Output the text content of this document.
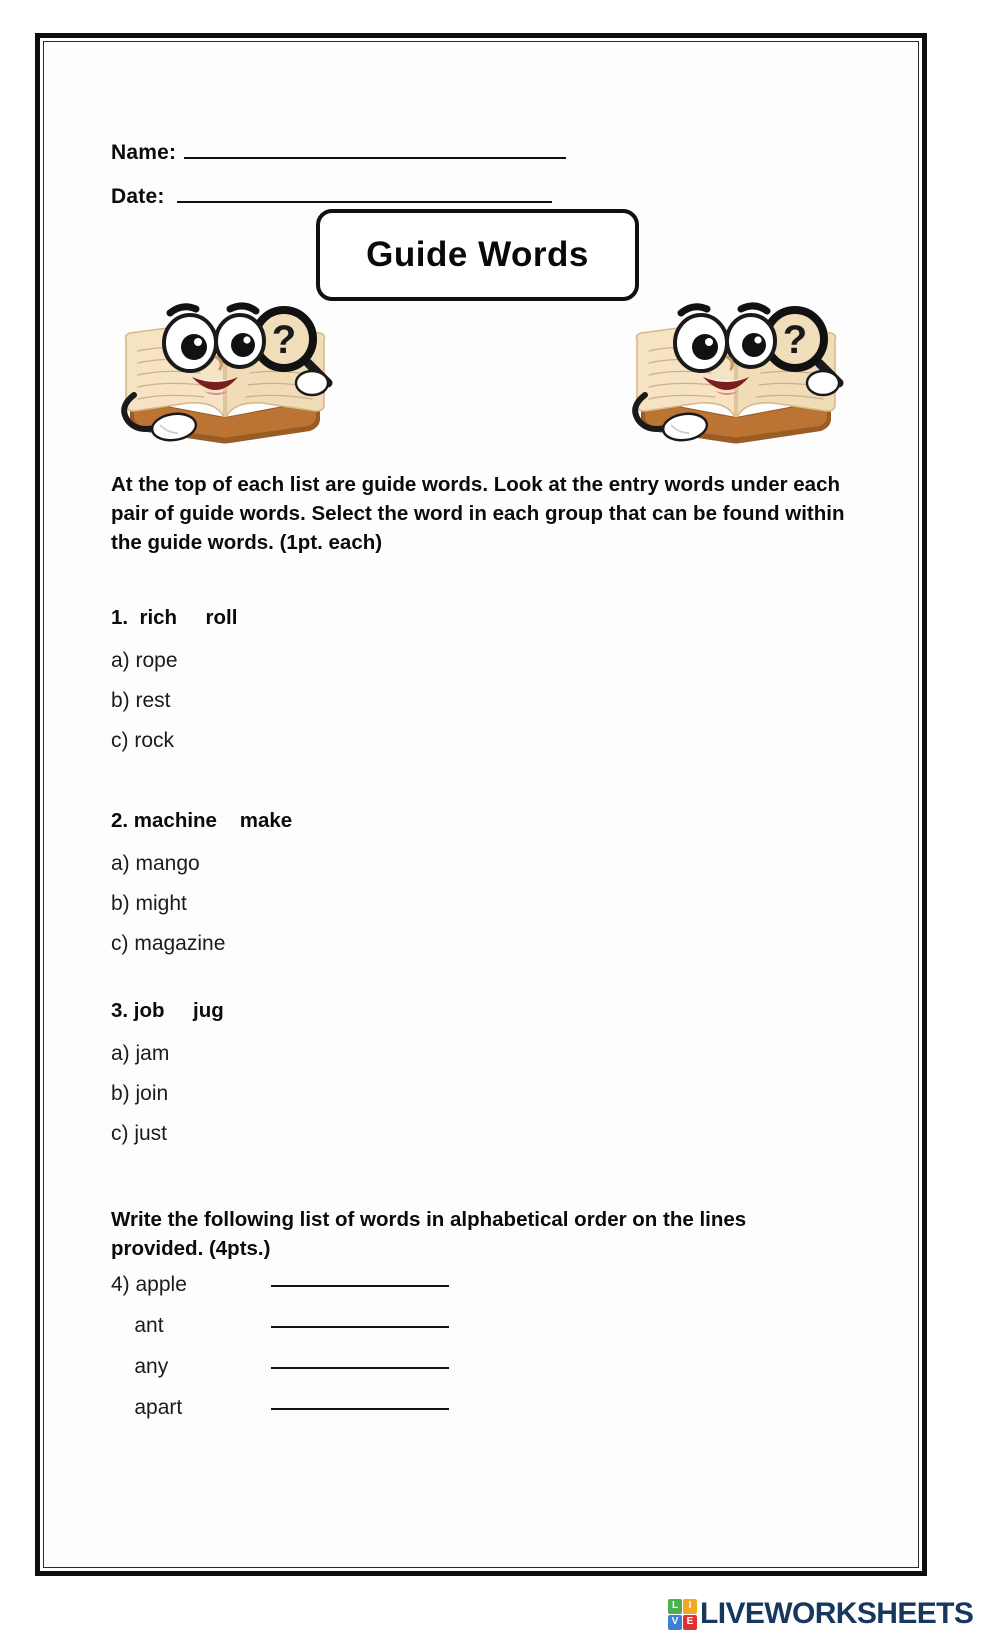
Name:
Date:
Guide Words
?	?
At the top of each list are guide words. Look at the entry words under each pair of guide words. Select the word in each group that can be found within the guide words. (1pt. each)
1.  rich     roll
a) rope
b) rest
c) rock
2. machine    make
a) mango
b) might
c) magazine
3. job     jug
a) jam
b) join
c) just
Write the following list of words in alphabetical order on the lines provided. (4pts.)
4) apple
ant
any
apart
L	I
V E LIVEWORKSHEETS
